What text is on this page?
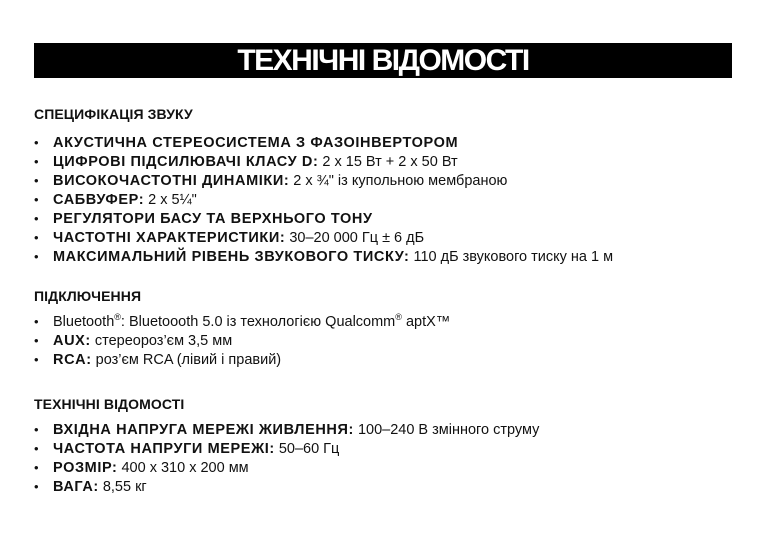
ТЕХНІЧНІ ВІДОМОСТІ
СПЕЦИФІКАЦІЯ ЗВУКУ
• АКУСТИЧНА СТЕРЕОСИСТЕМА З ФАЗОІНВЕРТОРОМ
• ЦИФРОВІ ПІДСИЛЮВАЧІ КЛАСУ D: 2 x 15 Вт + 2 x 50 Вт
• ВИСОКОЧАСТОТНІ ДИНАМІКИ: 2 x ¾" із купольною мембраною
• САБВУФЕР: 2 x 5¼"
• РЕГУЛЯТОРИ БАСУ ТА ВЕРХНЬОГО ТОНУ
• ЧАСТОТНІ ХАРАКТЕРИСТИКИ: 30–20 000 Гц ± 6 дБ
• МАКСИМАЛЬНИЙ РІВЕНЬ ЗВУКОВОГО ТИСКУ: 110 дБ звукового тиску на 1 м
ПІДКЛЮЧЕННЯ
• Bluetooth®: Bluetoooth 5.0 із технологією Qualcomm® aptX™
• AUX: стереороз’єм 3,5 мм
• RCA: роз’єм RCA (лівий і правий)
ТЕХНІЧНІ ВІДОМОСТІ
• ВХІДНА НАПРУГА МЕРЕЖІ ЖИВЛЕННЯ: 100–240 В змінного струму
• ЧАСТОТА НАПРУГИ МЕРЕЖІ: 50–60 Гц
• РОЗМІР: 400 x 310 x 200 мм
• ВАГА: 8,55 кг
